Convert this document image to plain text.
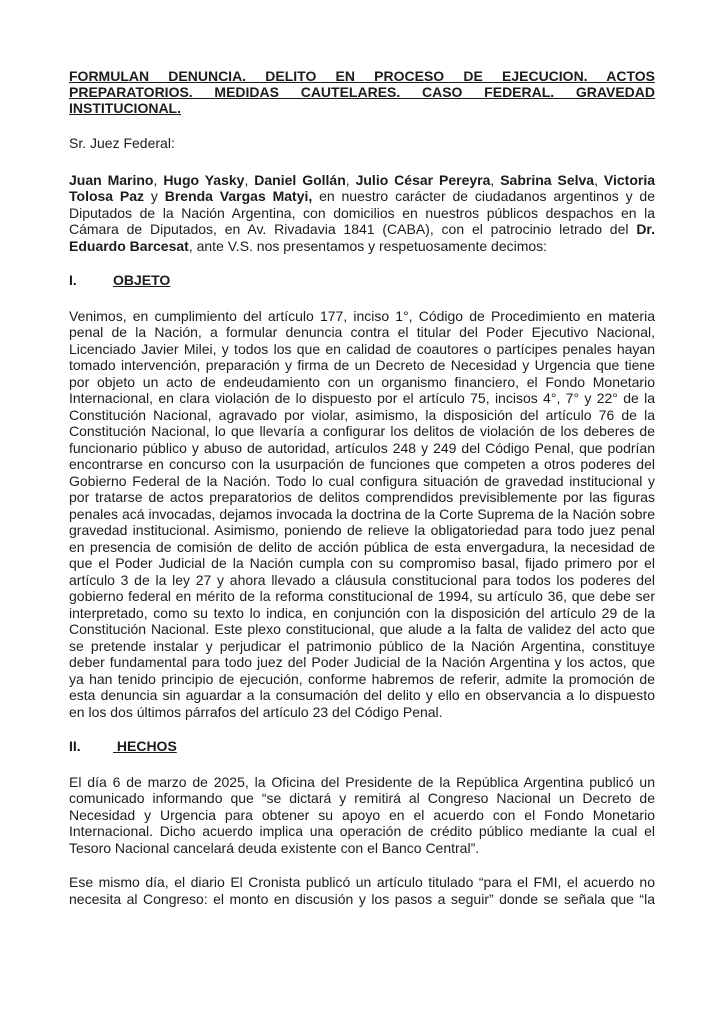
FORMULAN DENUNCIA. DELITO EN PROCESO DE EJECUCION. ACTOS PREPARATORIOS. MEDIDAS CAUTELARES. CASO FEDERAL. GRAVEDAD INSTITUCIONAL.

Sr. Juez Federal:

Juan Marino, Hugo Yasky, Daniel Gollán, Julio César Pereyra, Sabrina Selva, Victoria Tolosa Paz y Brenda Vargas Matyi, en nuestro carácter de ciudadanos argentinos y de Diputados de la Nación Argentina, con domicilios en nuestros públicos despachos en la Cámara de Diputados, en Av. Rivadavia 1841 (CABA), con el patrocinio letrado del Dr. Eduardo Barcesat, ante V.S. nos presentamos y respetuosamente decimos:

I.	OBJETO

Venimos, en cumplimiento del artículo 177, inciso 1°, Código de Procedimiento en materia penal de la Nación, a formular denuncia contra el titular del Poder Ejecutivo Nacional, Licenciado Javier Milei, y todos los que en calidad de coautores o partícipes penales hayan tomado intervención, preparación y firma de un Decreto de Necesidad y Urgencia que tiene por objeto un acto de endeudamiento con un organismo financiero, el Fondo Monetario Internacional, en clara violación de lo dispuesto por el artículo 75, incisos 4°, 7° y 22° de la Constitución Nacional, agravado por violar, asimismo, la disposición del artículo 76 de la Constitución Nacional, lo que llevaría a configurar los delitos de violación de los deberes de funcionario público y abuso de autoridad, artículos 248 y 249 del Código Penal, que podrían encontrarse en concurso con la usurpación de funciones que competen a otros poderes del Gobierno Federal de la Nación. Todo lo cual configura situación de gravedad institucional y por tratarse de actos preparatorios de delitos comprendidos previsiblemente por las figuras penales acá invocadas, dejamos invocada la doctrina de la Corte Suprema de la Nación sobre gravedad institucional. Asimismo, poniendo de relieve la obligatoriedad para todo juez penal en presencia de comisión de delito de acción pública de esta envergadura, la necesidad de que el Poder Judicial de la Nación cumpla con su compromiso basal, fijado primero por el artículo 3 de la ley 27 y ahora llevado a cláusula constitucional para todos los poderes del gobierno federal en mérito de la reforma constitucional de 1994, su artículo 36, que debe ser interpretado, como su texto lo indica, en conjunción con la disposición del artículo 29 de la Constitución Nacional. Este plexo constitucional, que alude a la falta de validez del acto que se pretende instalar y perjudicar el patrimonio público de la Nación Argentina, constituye deber fundamental para todo juez del Poder Judicial de la Nación Argentina y los actos, que ya han tenido principio de ejecución, conforme habremos de referir, admite la promoción de esta denuncia sin aguardar a la consumación del delito y ello en observancia a lo dispuesto en los dos últimos párrafos del artículo 23 del Código Penal.

II.	HECHOS

El día 6 de marzo de 2025, la Oficina del Presidente de la República Argentina publicó un comunicado informando que “se dictará y remitirá al Congreso Nacional un Decreto de Necesidad y Urgencia para obtener su apoyo en el acuerdo con el Fondo Monetario Internacional. Dicho acuerdo implica una operación de crédito público mediante la cual el Tesoro Nacional cancelará deuda existente con el Banco Central”.

Ese mismo día, el diario El Cronista publicó un artículo titulado “para el FMI, el acuerdo no necesita al Congreso: el monto en discusión y los pasos a seguir” donde se señala que “la
